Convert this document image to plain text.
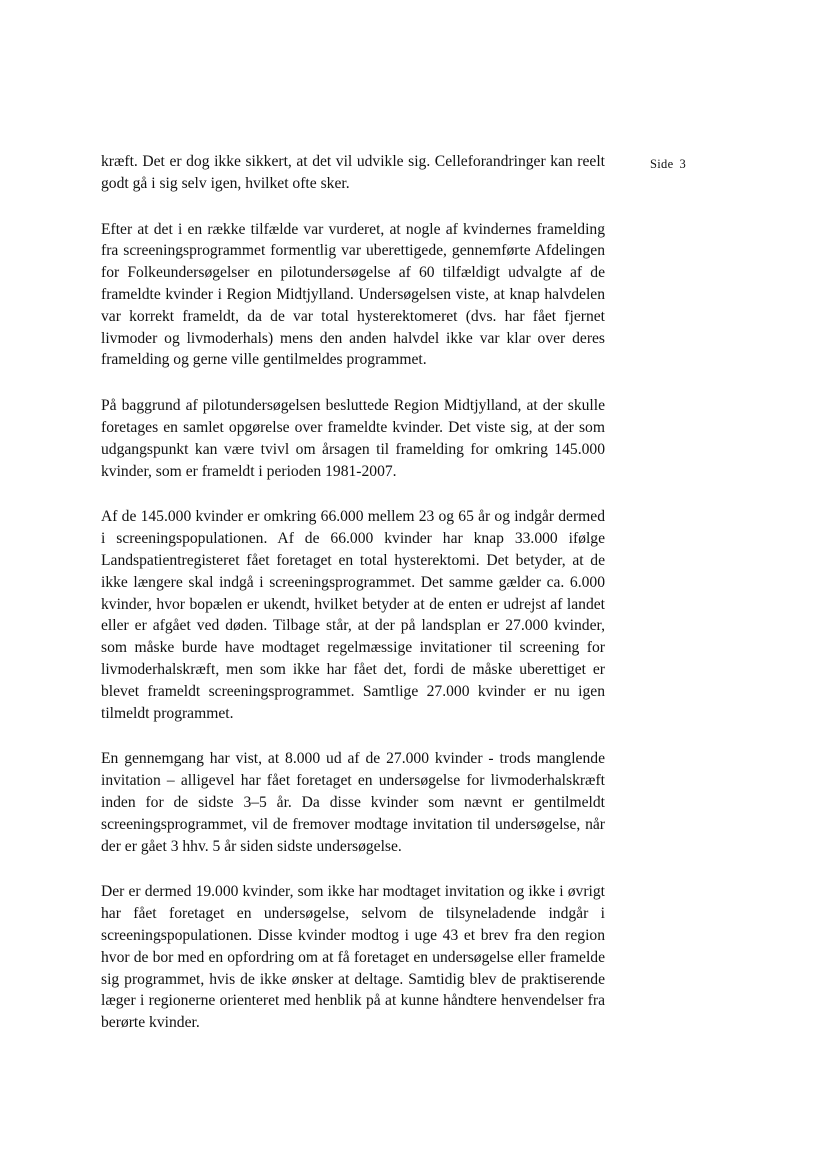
Side 3

kræft. Det er dog ikke sikkert, at det vil udvikle sig. Celleforandringer kan reelt godt gå i sig selv igen, hvilket ofte sker.

Efter at det i en række tilfælde var vurderet, at nogle af kvindernes framelding fra screeningsprogrammet formentlig var uberettigede, gennemførte Afdelingen for Folkeundersøgelser en pilotundersøgelse af 60 tilfældigt udvalgte af de frameldte kvinder i Region Midtjylland. Undersøgelsen viste, at knap halvdelen var korrekt frameldt, da de var total hysterektomeret (dvs. har fået fjernet livmoder og livmoderhals) mens den anden halvdel ikke var klar over deres framelding og gerne ville gentilmeldes programmet.

På baggrund af pilotundersøgelsen besluttede Region Midtjylland, at der skulle foretages en samlet opgørelse over frameldte kvinder. Det viste sig, at der som udgangspunkt kan være tvivl om årsagen til framelding for omkring 145.000 kvinder, som er frameldt i perioden 1981-2007.

Af de 145.000 kvinder er omkring 66.000 mellem 23 og 65 år og indgår dermed i screeningspopulationen. Af de 66.000 kvinder har knap 33.000 ifølge Landspatientregisteret fået foretaget en total hysterektomi. Det betyder, at de ikke længere skal indgå i screeningsprogrammet. Det samme gælder ca. 6.000 kvinder, hvor bopælen er ukendt, hvilket betyder at de enten er udrejst af landet eller er afgået ved døden. Tilbage står, at der på landsplan er 27.000 kvinder, som måske burde have modtaget regelmæssige invitationer til screening for livmoderhalskræft, men som ikke har fået det, fordi de måske uberettiget er blevet frameldt screeningsprogrammet. Samtlige 27.000 kvinder er nu igen tilmeldt programmet.

En gennemgang har vist, at 8.000 ud af de 27.000 kvinder - trods manglende invitation – alligevel har fået foretaget en undersøgelse for livmoderhalskræft inden for de sidste 3–5 år. Da disse kvinder som nævnt er gentilmeldt screeningsprogrammet, vil de fremover modtage invitation til undersøgelse, når der er gået 3 hhv. 5 år siden sidste undersøgelse.

Der er dermed 19.000 kvinder, som ikke har modtaget invitation og ikke i øvrigt har fået foretaget en undersøgelse, selvom de tilsyneladende indgår i screeningspopulationen. Disse kvinder modtog i uge 43 et brev fra den region hvor de bor med en opfordring om at få foretaget en undersøgelse eller framelde sig programmet, hvis de ikke ønsker at deltage. Samtidig blev de praktiserende læger i regionerne orienteret med henblik på at kunne håndtere henvendelser fra berørte kvinder.
